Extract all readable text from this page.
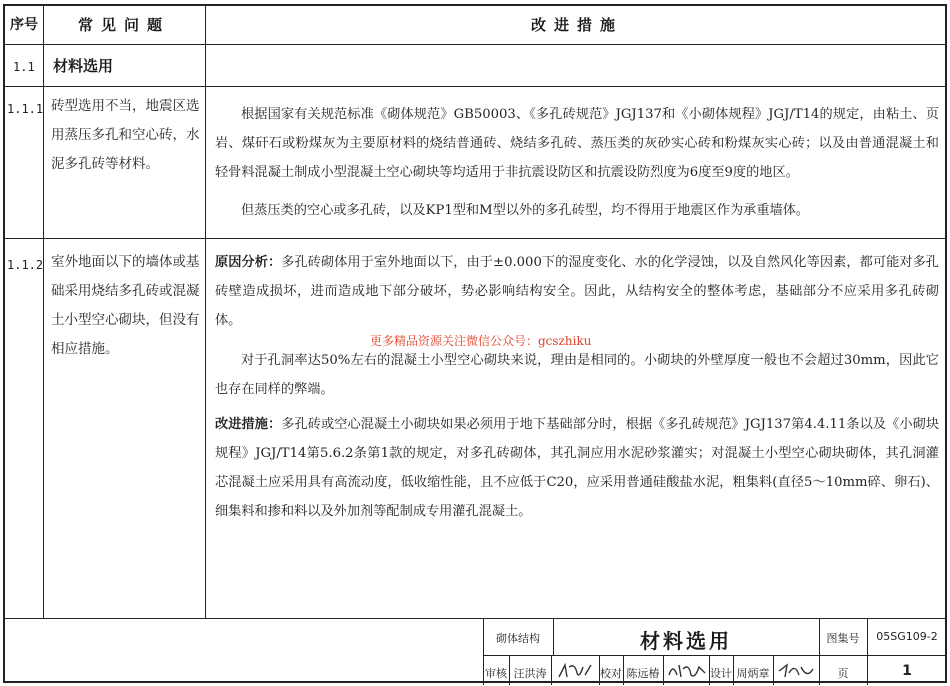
序号	常见问题	改进措施
1.1 材料选用
1.1.1 砖型选用不当，地震区选用蒸压多孔和空心砖，水泥多孔砖等材料。
根据国家有关规范标准《砌体规范》GB50003、《多孔砖规范》JGJ137和《小砌体规程》JGJ/T14的规定，由粘土、页岩、煤矸石或粉煤灰为主要原材料的烧结普通砖、烧结多孔砖、蒸压类的灰砂实心砖和粉煤灰实心砖；以及由普通混凝土和轻骨料混凝土制成小型混凝土空心砌块等均适用于非抗震设防区和抗震设防烈度为6度至9度的地区。
但蒸压类的空心或多孔砖，以及KP1型和M型以外的多孔砖型，均不得用于地震区作为承重墙体。
1.1.2 室外地面以下的墙体或基础采用烧结多孔砖或混凝土小型空心砌块，但没有相应措施。
原因分析：多孔砖砌体用于室外地面以下，由于±0.000下的湿度变化、水的化学浸蚀，以及自然风化等因素，都可能对多孔砖壁造成损坏，进而造成地下部分破坏，势必影响结构安全。因此，从结构安全的整体考虑，基础部分不应采用多孔砖砌体。
对于孔洞率达50%左右的混凝土小型空心砌块来说，理由是相同的。小砌块的外壁厚度一般也不会超过30mm，因此它也存在同样的弊端。
改进措施：多孔砖或空心混凝土小砌块如果必须用于地下基础部分时，根据《多孔砖规范》JGJ137第4.4.11条以及《小砌块规程》JGJ/T14第5.6.2条第1款的规定，对多孔砖砌体，其孔洞应用水泥砂浆灌实；对混凝土小型空心砌块砌体，其孔洞灌芯混凝土应采用具有高流动度，低收缩性能，且不应低于C20，应采用普通硅酸盐水泥，粗集料(直径5～10mm碎、卵石)、细集料和掺和料以及外加剂等配制成专用灌孔混凝土。
更多精品资源关注微信公众号：gcszhiku
砌体结构	材料选用	图集号	05SG109-2
审核 汪洪涛	校对 陈远椿	设计 周炳章	页	1
